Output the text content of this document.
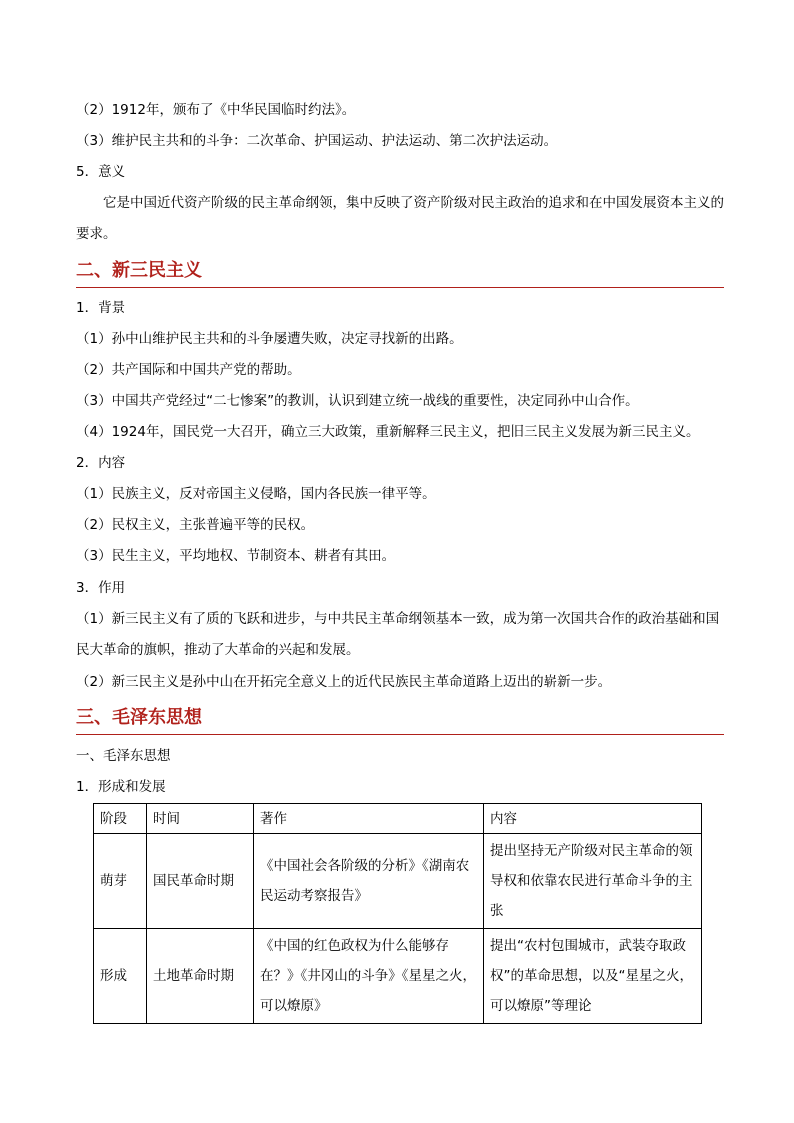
（2）1912年，颁布了《中华民国临时约法》。
（3）维护民主共和的斗争：二次革命、护国运动、护法运动、第二次护法运动。
5．意义
它是中国近代资产阶级的民主革命纲领，集中反映了资产阶级对民主政治的追求和在中国发展资本主义的要求。
二、新三民主义
1．背景
（1）孙中山维护民主共和的斗争屡遭失败，决定寻找新的出路。
（2）共产国际和中国共产党的帮助。
（3）中国共产党经过“二七惨案”的教训，认识到建立统一战线的重要性，决定同孙中山合作。
（4）1924年，国民党一大召开，确立三大政策，重新解释三民主义，把旧三民主义发展为新三民主义。
2．内容
（1）民族主义，反对帝国主义侵略，国内各民族一律平等。
（2）民权主义，主张普遍平等的民权。
（3）民生主义，平均地权、节制资本、耕者有其田。
3．作用
（1）新三民主义有了质的飞跃和进步，与中共民主革命纲领基本一致，成为第一次国共合作的政治基础和国民大革命的旗帜，推动了大革命的兴起和发展。
（2）新三民主义是孙中山在开拓完全意义上的近代民族民主革命道路上迈出的崭新一步。
三、毛泽东思想
一、毛泽东思想
1．形成和发展
阶段	时间	著作	内容
萌芽	国民革命时期	《中国社会各阶级的分析》《湖南农民运动考察报告》	提出坚持无产阶级对民主革命的领导权和依靠农民进行革命斗争的主张
形成	土地革命时期	《中国的红色政权为什么能够存在？》《井冈山的斗争》《星星之火，可以燎原》	提出“农村包围城市，武装夺取政权”的革命思想，以及“星星之火，可以燎原”等理论
